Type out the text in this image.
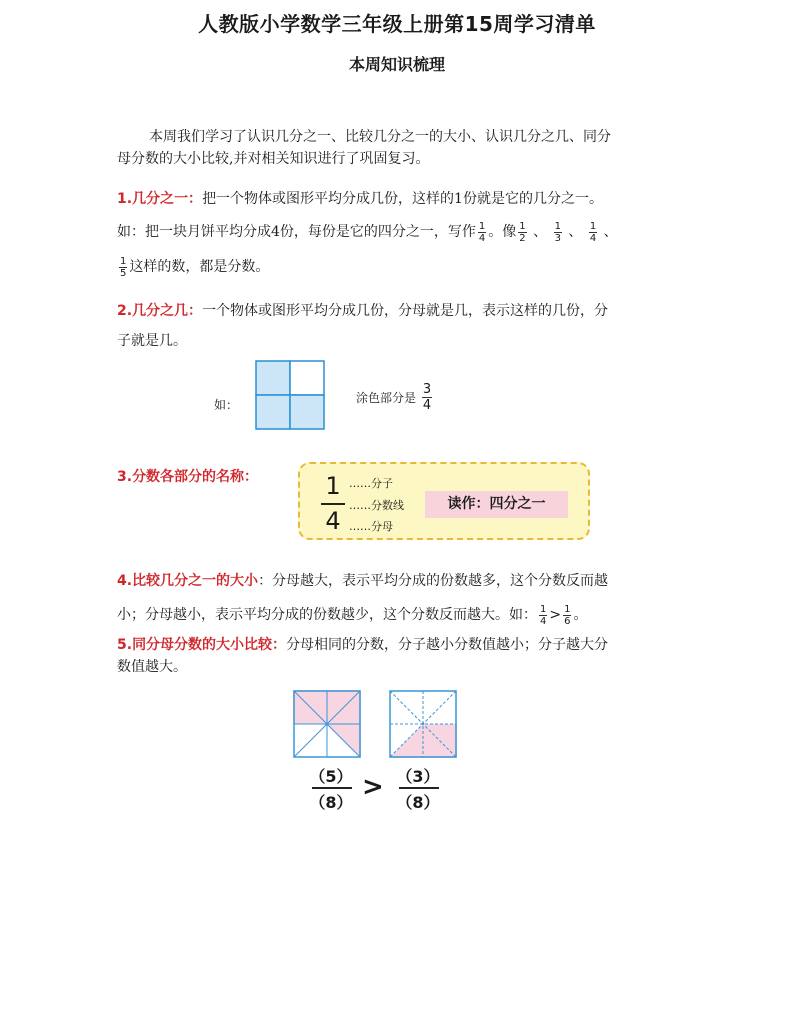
人教版小学数学三年级上册第15周学习清单
本周知识梳理
本周我们学习了认识几分之一、比较几分之一的大小、认识几分之几、同分
母分数的大小比较,并对相关知识进行了巩固复习。
1.几分之一：把一个物体或图形平均分成几份，这样的1份就是它的几分之一。
如：把一块月饼平均分成4份，每份是它的四分之一，写作 $\frac{1}{4}$ 。像 $\frac{1}{2}$ 、 $\frac{1}{3}$ 、 $\frac{1}{4}$ 、
$\frac{1}{5}$ 这样的数，都是分数。
2.几分之几：一个物体或图形平均分成几份，分母就是几，表示这样的几份，分
子就是几。
如：	涂色部分是 $\frac{3}{4}$
3.分数各部分的名称：	1
4
……分子
……分数线
……分母
读作：四分之一
4.比较几分之一的大小：分母越大，表示平均分成的份数越多，这个分数反而越
小；分母越小，表示平均分成的份数越少，这个分数反而越大。如： $\frac{1}{4} > \frac{1}{6}$ 。
5.同分母分数的大小比较：分母相同的分数，分子越小分数值越小；分子越大分
数值越大。
（5）
（8）
> （3）
（8）
